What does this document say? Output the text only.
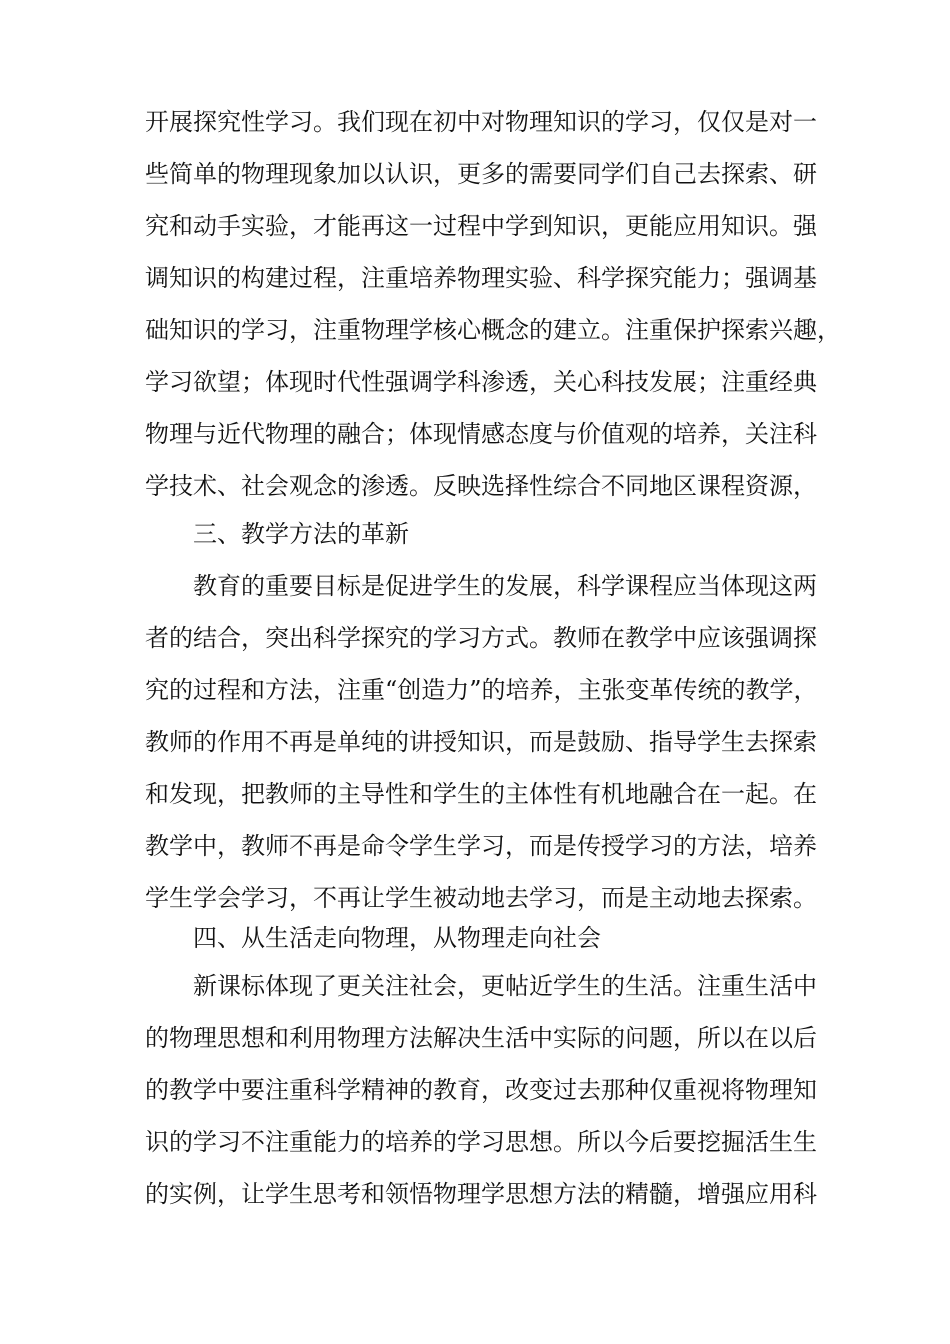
开展探究性学习。我们现在初中对物理知识的学习，仅仅是对一
些简单的物理现象加以认识，更多的需要同学们自己去探索、研
究和动手实验，才能再这一过程中学到知识，更能应用知识。强
调知识的构建过程，注重培养物理实验、科学探究能力；强调基
础知识的学习，注重物理学核心概念的建立。注重保护探索兴趣，
学习欲望；体现时代性强调学科渗透，关心科技发展；注重经典
物理与近代物理的融合；体现情感态度与价值观的培养，关注科
学技术、社会观念的渗透。反映选择性综合不同地区课程资源，
三、教学方法的革新
教育的重要目标是促进学生的发展，科学课程应当体现这两
者的结合，突出科学探究的学习方式。教师在教学中应该强调探
究的过程和方法，注重“创造力”的培养，主张变革传统的教学，
教师的作用不再是单纯的讲授知识，而是鼓励、指导学生去探索
和发现，把教师的主导性和学生的主体性有机地融合在一起。在
教学中，教师不再是命令学生学习，而是传授学习的方法，培养
学生学会学习，不再让学生被动地去学习，而是主动地去探索。
四、从生活走向物理，从物理走向社会
新课标体现了更关注社会，更帖近学生的生活。注重生活中
的物理思想和利用物理方法解决生活中实际的问题，所以在以后
的教学中要注重科学精神的教育，改变过去那种仅重视将物理知
识的学习不注重能力的培养的学习思想。所以今后要挖掘活生生
的实例，让学生思考和领悟物理学思想方法的精髓，增强应用科
